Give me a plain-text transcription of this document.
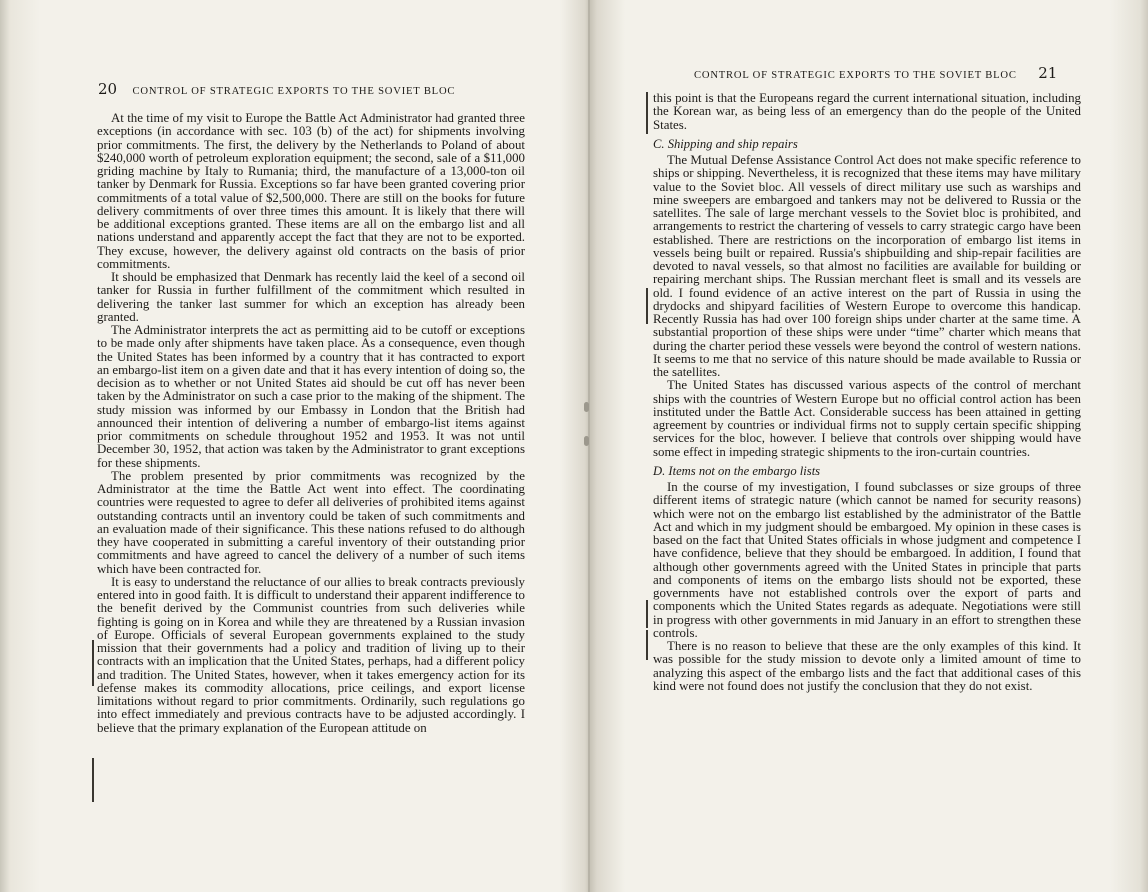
20 CONTROL OF STRATEGIC EXPORTS TO THE SOVIET BLOC

At the time of my visit to Europe the Battle Act Administrator had granted three exceptions (in accordance with sec. 103 (b) of the act) for shipments involving prior commitments. The first, the delivery by the Netherlands to Poland of about $240,000 worth of petroleum exploration equipment; the second, sale of a $11,000 griding machine by Italy to Rumania; third, the manufacture of a 13,000-ton oil tanker by Denmark for Russia. Exceptions so far have been granted covering prior commitments of a total value of $2,500,000. There are still on the books for future delivery commitments of over three times this amount. It is likely that there will be additional exceptions granted. These items are all on the embargo list and all nations understand and apparently accept the fact that they are not to be exported. They excuse, however, the delivery against old contracts on the basis of prior commitments.

It should be emphasized that Denmark has recently laid the keel of a second oil tanker for Russia in further fulfillment of the commitment which resulted in delivering the tanker last summer for which an exception has already been granted.

The Administrator interprets the act as permitting aid to be cutoff or exceptions to be made only after shipments have taken place. As a consequence, even though the United States has been informed by a country that it has contracted to export an embargo-list item on a given date and that it has every intention of doing so, the decision as to whether or not United States aid should be cut off has never been taken by the Administrator on such a case prior to the making of the shipment. The study mission was informed by our Embassy in London that the British had announced their intention of delivering a number of embargo-list items against prior commitments on schedule throughout 1952 and 1953. It was not until December 30, 1952, that action was taken by the Administrator to grant exceptions for these shipments.

The problem presented by prior commitments was recognized by the Administrator at the time the Battle Act went into effect. The coordinating countries were requested to agree to defer all deliveries of prohibited items against outstanding contracts until an inventory could be taken of such commitments and an evaluation made of their significance. This these nations refused to do although they have cooperated in submitting a careful inventory of their outstanding prior commitments and have agreed to cancel the delivery of a number of such items which have been contracted for.

It is easy to understand the reluctance of our allies to break contracts previously entered into in good faith. It is difficult to understand their apparent indifference to the benefit derived by the Communist countries from such deliveries while fighting is going on in Korea and while they are threatened by a Russian invasion of Europe. Officials of several European governments explained to the study mission that their governments had a policy and tradition of living up to their contracts with an implication that the United States, perhaps, had a different policy and tradition. The United States, however, when it takes emergency action for its defense makes its commodity allocations, price ceilings, and export license limitations without regard to prior commitments. Ordinarily, such regulations go into effect immediately and previous contracts have to be adjusted accordingly. I believe that the primary explanation of the European attitude on

CONTROL OF STRATEGIC EXPORTS TO THE SOVIET BLOC 21

this point is that the Europeans regard the current international situation, including the Korean war, as being less of an emergency than do the people of the United States.

C. Shipping and ship repairs

The Mutual Defense Assistance Control Act does not make specific reference to ships or shipping. Nevertheless, it is recognized that these items may have military value to the Soviet bloc. All vessels of direct military use such as warships and mine sweepers are embargoed and tankers may not be delivered to Russia or the satellites. The sale of large merchant vessels to the Soviet bloc is prohibited, and arrangements to restrict the chartering of vessels to carry strategic cargo have been established. There are restrictions on the incorporation of embargo list items in vessels being built or repaired. Russia's shipbuilding and ship-repair facilities are devoted to naval vessels, so that almost no facilities are available for building or repairing merchant ships. The Russian merchant fleet is small and its vessels are old. I found evidence of an active interest on the part of Russia in using the drydocks and shipyard facilities of Western Europe to overcome this handicap. Recently Russia has had over 100 foreign ships under charter at the same time. A substantial proportion of these ships were under “time” charter which means that during the charter period these vessels were beyond the control of western nations. It seems to me that no service of this nature should be made available to Russia or the satellites.

The United States has discussed various aspects of the control of merchant ships with the countries of Western Europe but no official control action has been instituted under the Battle Act. Considerable success has been attained in getting agreement by countries or individual firms not to supply certain specific shipping services for the bloc, however. I believe that controls over shipping would have some effect in impeding strategic shipments to the iron-curtain countries.

D. Items not on the embargo lists

In the course of my investigation, I found subclasses or size groups of three different items of strategic nature (which cannot be named for security reasons) which were not on the embargo list established by the administrator of the Battle Act and which in my judgment should be embargoed. My opinion in these cases is based on the fact that United States officials in whose judgment and competence I have confidence, believe that they should be embargoed. In addition, I found that although other governments agreed with the United States in principle that parts and components of items on the embargo lists should not be exported, these governments have not established controls over the export of parts and components which the United States regards as adequate. Negotiations were still in progress with other governments in mid January in an effort to strengthen these controls.

There is no reason to believe that these are the only examples of this kind. It was possible for the study mission to devote only a limited amount of time to analyzing this aspect of the embargo lists and the fact that additional cases of this kind were not found does not justify the conclusion that they do not exist.
